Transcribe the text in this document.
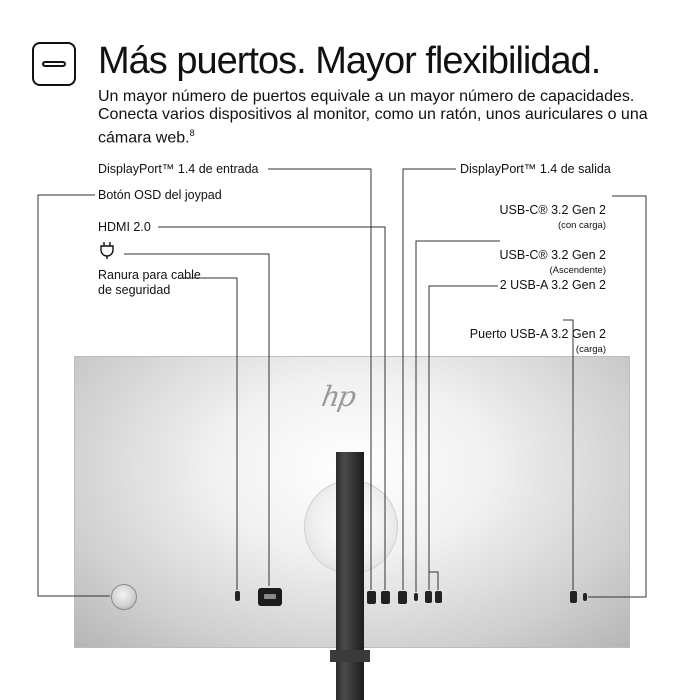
Más puertos. Mayor flexibilidad.

Un mayor número de puertos equivale a un mayor número de capacidades.
Conecta varios dispositivos al monitor, como un ratón, unos auriculares o una
cámara web.$^8$

DisplayPort™ 1.4 de entrada
Botón OSD del joypad
HDMI 2.0
Ranura para cable
de seguridad
DisplayPort™ 1.4 de salida

USB-C® 3.2 Gen 2

(con carga)

USB-C® 3.2 Gen 2

(Ascendente)

2 USB-A 3.2 Gen 2

Puerto USB-A 3.2 Gen 2

(carga)

hp
